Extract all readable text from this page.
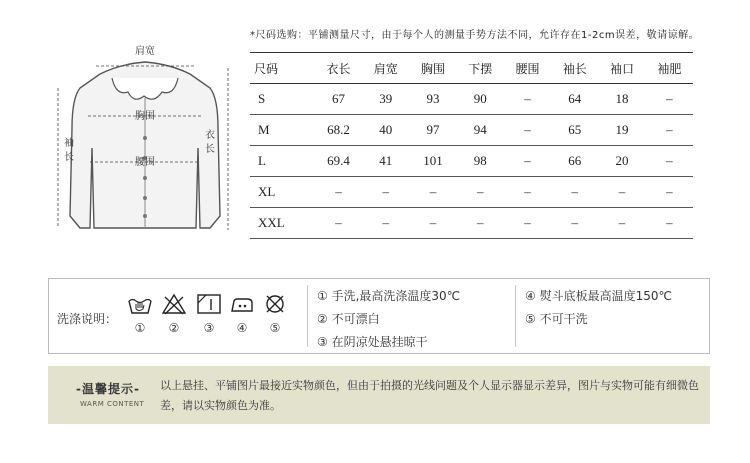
肩宽
胸围
腰围
袖
长
衣
长
*尺码选购：平铺测量尺寸，由于每个人的测量手势方法不同，允许存在1-2cm误差，敬请谅解。
尺码	衣长	肩宽	胸围	下摆	腰围	袖长	袖口	袖肥
S	67	39	93	90	–	64	18	–
M	68.2	40	97	94	–	65	19	–
L	69.4	41	101	98	–	66	20	–
XL	–	–	–	–	–	–	–	–
XXL	–	–	–	–	–	–	–	–
洗涤说明：
①	②	③	④	⑤
① 手洗,最高洗涤温度30℃
② 不可漂白
③ 在阴凉处悬挂晾干
④ 熨斗底板最高温度150℃
⑤ 不可干洗
-温馨提示-
WARM CONTENT
以上悬挂、平铺图片最接近实物颜色，但由于拍摄的光线问题及个人显示器显示差异，图片与实物可能有细微色差，请以实物颜色为准。
